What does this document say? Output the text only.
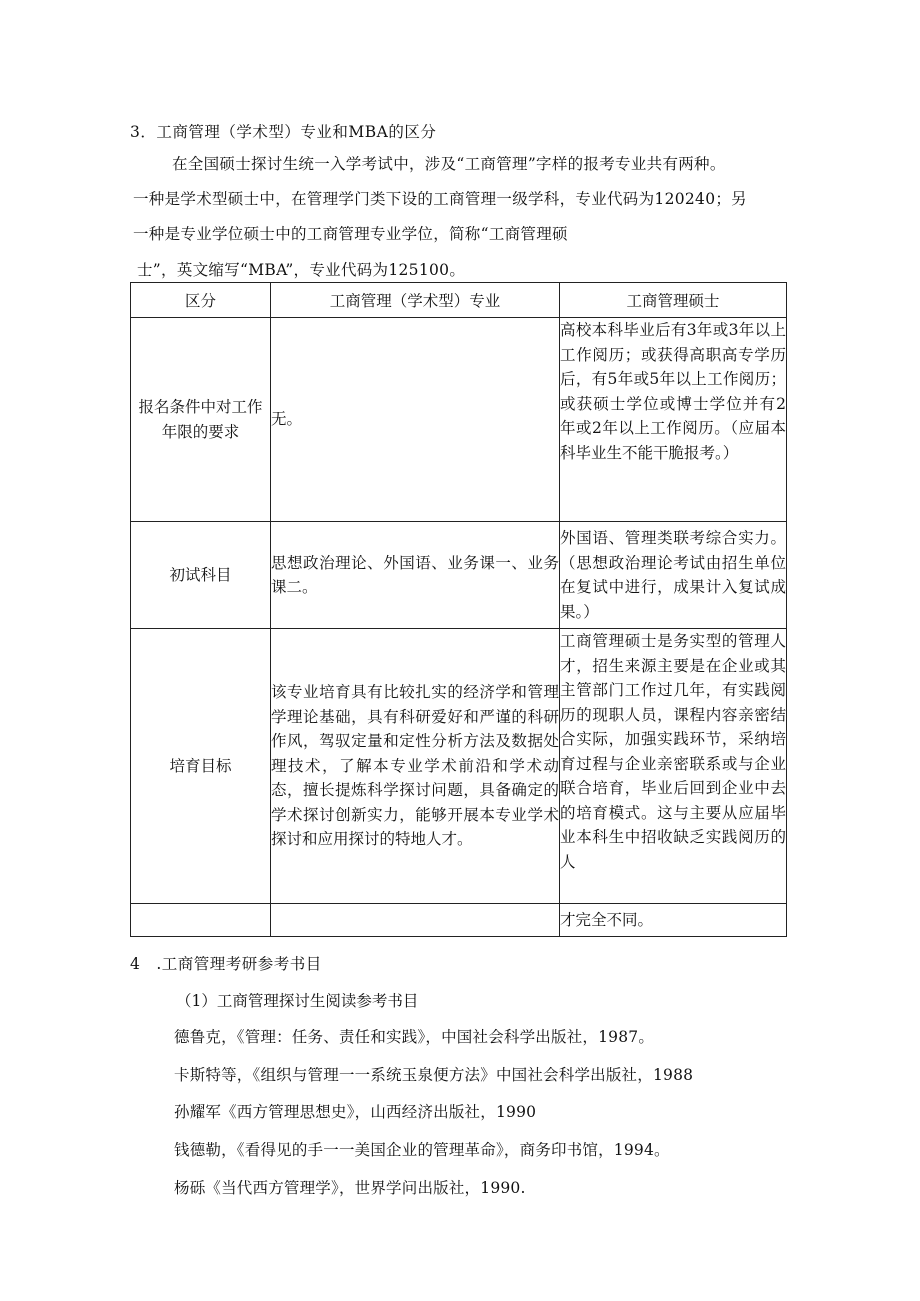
3．工商管理（学术型）专业和MBA的区分
在全国硕士探讨生统一入学考试中，涉及“工商管理”字样的报考专业共有两种。
一种是学术型硕士中，在管理学门类下设的工商管理一级学科，专业代码为120240；另
一种是专业学位硕士中的工商管理专业学位，简称“工商管理硕
士”，英文缩写“MBA”，专业代码为125100。
区分	工商管理（学术型）专业	工商管理硕士
报名条件中对工作年限的要求	无。	高校本科毕业后有3年或3年以上工作阅历；或获得高职高专学历后，有5年或5年以上工作阅历；或获硕士学位或博士学位并有2年或2年以上工作阅历。（应届本科毕业生不能干脆报考。）
初试科目	思想政治理论、外国语、业务课一、业务课二。	外国语、管理类联考综合实力。（思想政治理论考试由招生单位在复试中进行，成果计入复试成果。）
培育目标	该专业培育具有比较扎实的经济学和管理学理论基础，具有科研爱好和严谨的科研作风，驾驭定量和定性分析方法及数据处理技术，了解本专业学术前沿和学术动态，擅长提炼科学探讨问题，具备确定的学术探讨创新实力，能够开展本专业学术探讨和应用探讨的特地人才。	工商管理硕士是务实型的管理人才，招生来源主要是在企业或其主管部门工作过几年，有实践阅历的现职人员，课程内容亲密结合实际，加强实践环节，采纳培育过程与企业亲密联系或与企业联合培育，毕业后回到企业中去的培育模式。这与主要从应届毕业本科生中招收缺乏实践阅历的人
		才完全不同。
4　.工商管理考研参考书目
（1）工商管理探讨生阅读参考书目
德鲁克，《管理：任务、责任和实践》，中国社会科学出版社，1987。
卡斯特等，《组织与管理一一系统玉泉便方法》中国社会科学出版社，1988
孙耀军《西方管理思想史》，山西经济出版社，1990
钱德勒，《看得见的手一一美国企业的管理革命》，商务印书馆，1994。
杨砾《当代西方管理学》，世界学问出版社，1990.
